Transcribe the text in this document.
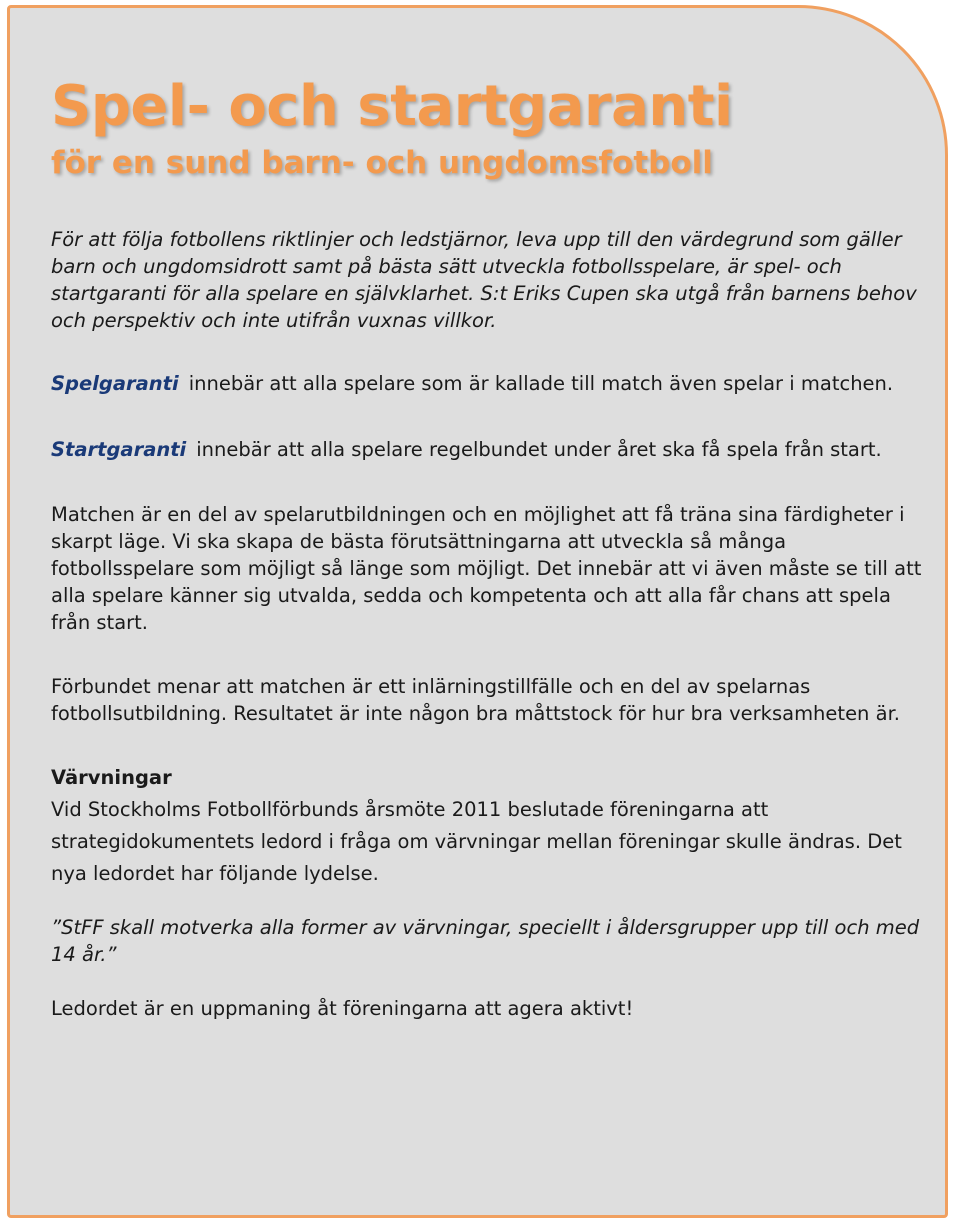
Spel- och startgaranti
för en sund barn- och ungdomsfotboll

För att följa fotbollens riktlinjer och ledstjärnor, leva upp till den värdegrund som gäller barn och ungdomsidrott samt på bästa sätt utveckla fotbollsspelare, är spel- och startgaranti för alla spelare en självklarhet. S:t Eriks Cupen ska utgå från barnens behov och perspektiv och inte utifrån vuxnas villkor.

Spelgaranti innebär att alla spelare som är kallade till match även spelar i matchen.

Startgaranti innebär att alla spelare regelbundet under året ska få spela från start.

Matchen är en del av spelarutbildningen och en möjlighet att få träna sina färdigheter i skarpt läge. Vi ska skapa de bästa förutsättningarna att utveckla så många fotbollsspelare som möjligt så länge som möjligt. Det innebär att vi även måste se till att alla spelare känner sig utvalda, sedda och kompetenta och att alla får chans att spela från start.

Förbundet menar att matchen är ett inlärningstillfälle och en del av spelarnas fotbollsutbildning. Resultatet är inte någon bra måttstock för hur bra verksamheten är.

Värvningar
Vid Stockholms Fotbollförbunds årsmöte 2011 beslutade föreningarna att strategidokumentets ledord i fråga om värvningar mellan föreningar skulle ändras. Det nya ledordet har följande lydelse.

”StFF skall motverka alla former av värvningar, speciellt i åldersgrupper upp till och med 14 år.”

Ledordet är en uppmaning åt föreningarna att agera aktivt!
